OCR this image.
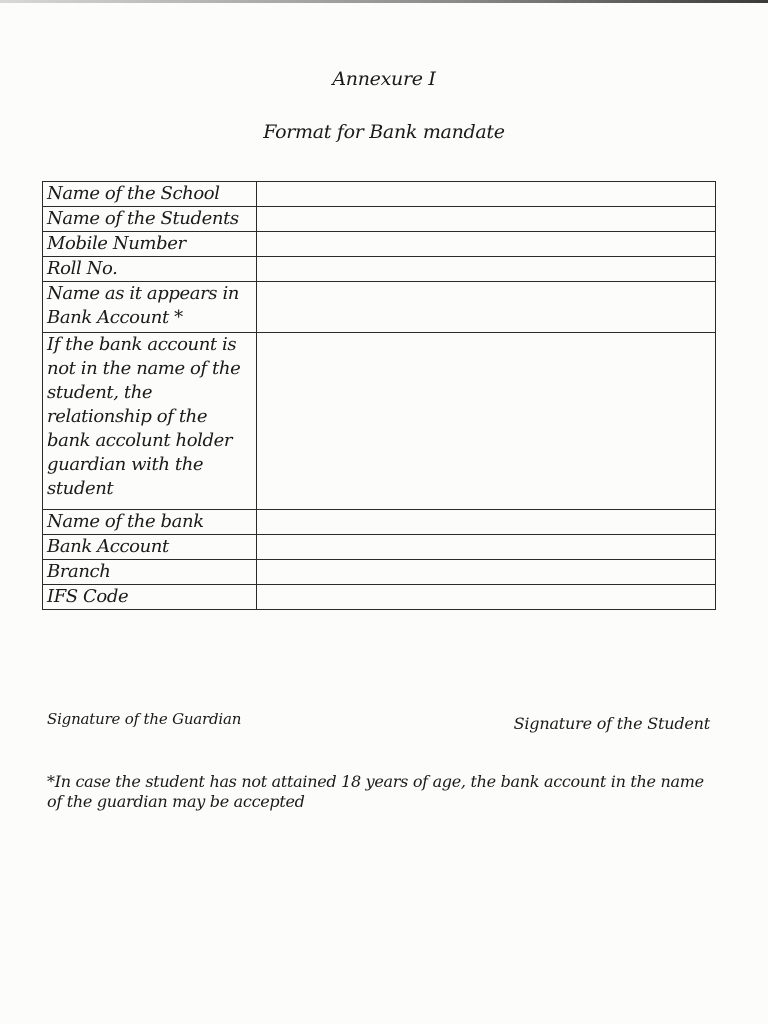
Annexure I
Format for Bank mandate
Name of the School	
Name of the Students	
Mobile Number	
Roll No.	
Name as it appears in Bank Account *	
If the bank account is not in the name of the student, the relationship of the bank accolunt holder guardian with the student	
Name of the bank	
Bank Account	
Branch	
IFS Code	
Signature of the Guardian	Signature of the Student
*In case the student has not attained 18 years of age, the bank account in the name of the guardian may be accepted
